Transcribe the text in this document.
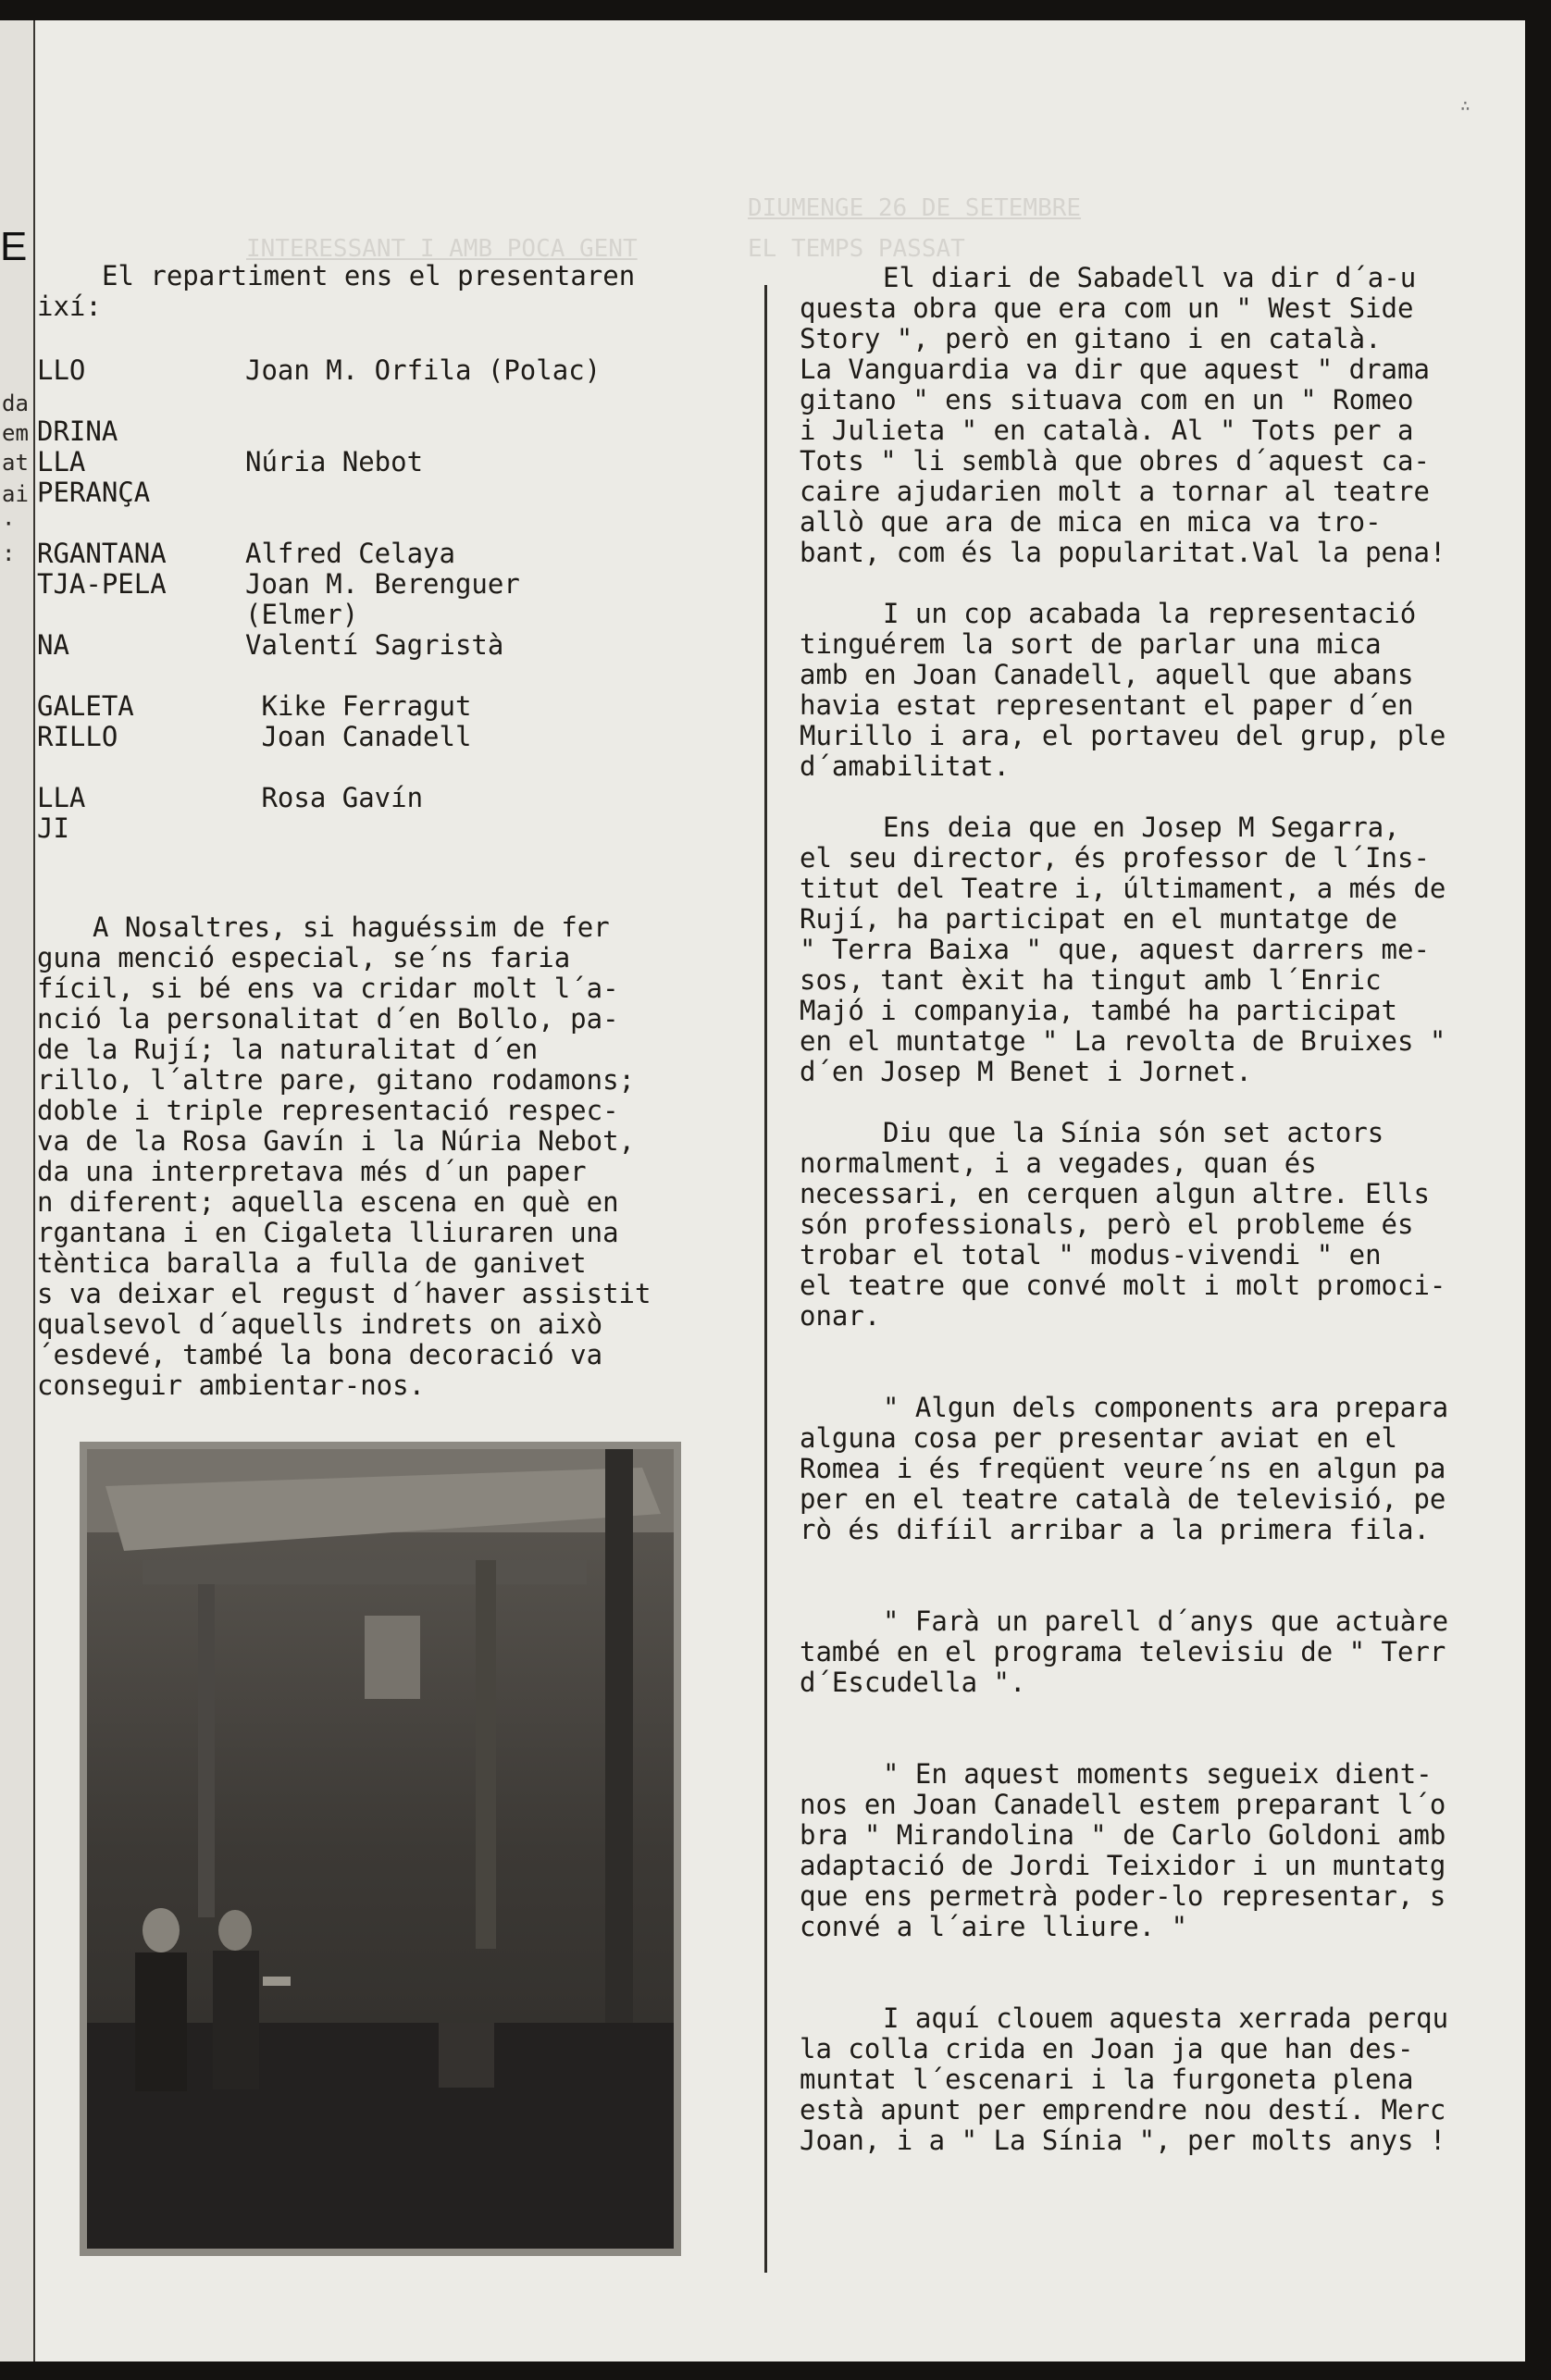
E
da
em
at
ai
·
:
DIUMENGE 26 DE SETEMBRE
INTERESSANT I AMB POCA GENT	EL TEMPS PASSAT
∴

El repartiment ens el presentaren

ixí:

LLO	Joan M. Orfila (Polac)
DRINA
LLA	Núria Nebot
PERANÇA
RGANTANA	Alfred Celaya
TJA-PELA	Joan M. Berenguer
(Elmer)
NA	Valentí Sagristà
GALETA	Kike Ferragut
RILLO	Joan Canadell
LLA	Rosa Gavín
JI

A Nosaltres, si haguéssim de fer
guna menció especial, se´ns faria
fícil, si bé ens va cridar molt l´a-
nció la personalitat d´en Bollo, pa-
de la Rují; la naturalitat d´en
rillo, l´altre pare, gitano rodamons;
doble i triple representació respec-
va de la Rosa Gavín i la Núria Nebot,
da una interpretava més d´un paper
n diferent; aquella escena en què en
rgantana i en Cigaleta lliuraren una
tèntica baralla a fulla de ganivet
s va deixar el regust d´haver assistit
qualsevol d´aquells indrets on això
´esdevé, també la bona decoració va
conseguir ambientar-nos.

El diari de Sabadell va dir d´a-u
questa obra que era com un " West Side
Story ", però en gitano i en català.
La Vanguardia va dir que aquest " drama
gitano " ens situava com en un " Romeo
i Julieta " en català. Al " Tots per a
Tots " li semblà que obres d´aquest ca-
caire ajudarien molt a tornar al teatre
allò que ara de mica en mica va tro-
bant, com és la popularitat.Val la pena!

I un cop acabada la representació
tinguérem la sort de parlar una mica
amb en Joan Canadell, aquell que abans
havia estat representant el paper d´en
Murillo i ara, el portaveu del grup, ple
d´amabilitat.

Ens deia que en Josep M Segarra,
el seu director, és professor de l´Ins-
titut del Teatre i, últimament, a més de
Rují, ha participat en el muntatge de
" Terra Baixa " que, aquest darrers me-
sos, tant èxit ha tingut amb l´Enric
Majó i companyia, també ha participat
en el muntatge " La revolta de Bruixes "
d´en Josep M Benet i Jornet.

Diu que la Sínia són set actors
normalment, i a vegades, quan és
necessari, en cerquen algun altre. Ells
són professionals, però el probleme és
trobar el total " modus-vivendi " en
el teatre que convé molt i molt promoci-
onar.

" Algun dels components ara prepara
alguna cosa per presentar aviat en el
Romea i és freqüent veure´ns en algun pa
per en el teatre català de televisió, pe
rò és difíil arribar a la primera fila.

" Farà un parell d´anys que actuàre
també en el programa televisiu de " Terr
d´Escudella ".

" En aquest moments segueix dient-
nos en Joan Canadell estem preparant l´o
bra " Mirandolina " de Carlo Goldoni amb
adaptació de Jordi Teixidor i un muntatg
que ens permetrà poder-lo representar, s
convé a l´aire lliure. "

I aquí clouem aquesta xerrada perqu
la colla crida en Joan ja que han des-
muntat l´escenari i la furgoneta plena
està apunt per emprendre nou destí. Merc
Joan, i a " La Sínia ", per molts anys !
